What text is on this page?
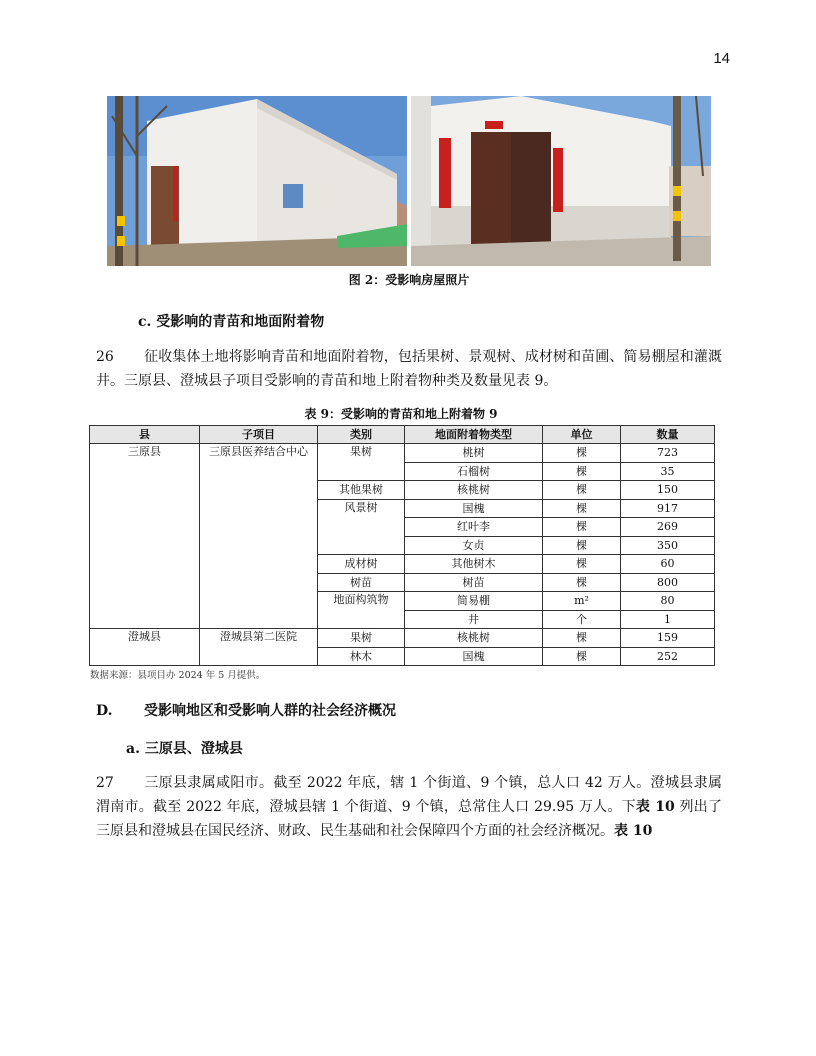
14
图 2：受影响房屋照片
c. 受影响的青苗和地面附着物
26 征收集体土地将影响青苗和地面附着物，包括果树、景观树、成材树和苗圃、简易棚屋和灌溉井。三原县、澄城县子项目受影响的青苗和地上附着物种类及数量见表 9。
表 9：受影响的青苗和地上附着物 9
县	子项目	类别	地面附着物类型	单位	数量
三原县	三原县医养结合中心	果树	桃树	棵	723
			石榴树	棵	35
		其他果树	核桃树	棵	150
		风景树	国槐	棵	917
			红叶李	棵	269
			女贞	棵	350
		成材树	其他树木	棵	60
		树苗	树苗	棵	800
		地面构筑物	简易棚	m²	80
			井	个	1
澄城县	澄城县第二医院	果树	核桃树	棵	159
		林木	国槐	棵	252
数据来源：县项目办 2024 年 5 月提供。
D. 受影响地区和受影响人群的社会经济概况
a. 三原县、澄城县
27 三原县隶属咸阳市。截至 2022 年底，辖 1 个街道、9 个镇，总人口 42 万人。澄城县隶属渭南市。截至 2022 年底，澄城县辖 1 个街道、9 个镇，总常住人口 29.95 万人。下表 10 列出了三原县和澄城县在国民经济、财政、民生基础和社会保障四个方面的社会经济概况。表 10
